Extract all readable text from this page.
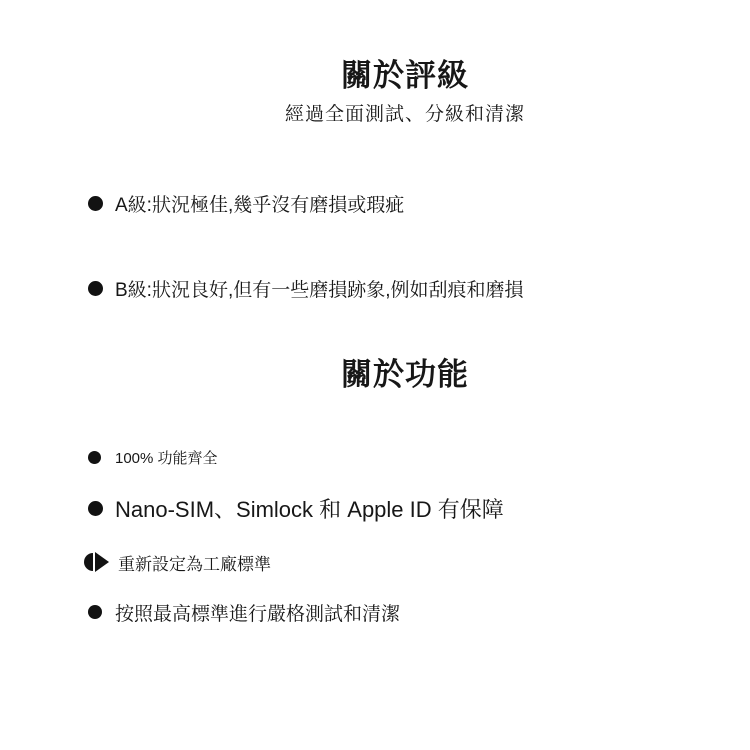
關於評級
經過全面測試、分級和清潔
A級:狀況極佳,幾乎沒有磨損或瑕疵
B級:狀況良好,但有一些磨損跡象,例如刮痕和磨損
關於功能
100% 功能齊全
Nano-SIM、Simlock 和 Apple ID 有保障
重新設定為工廠標準
按照最高標準進行嚴格測試和清潔
